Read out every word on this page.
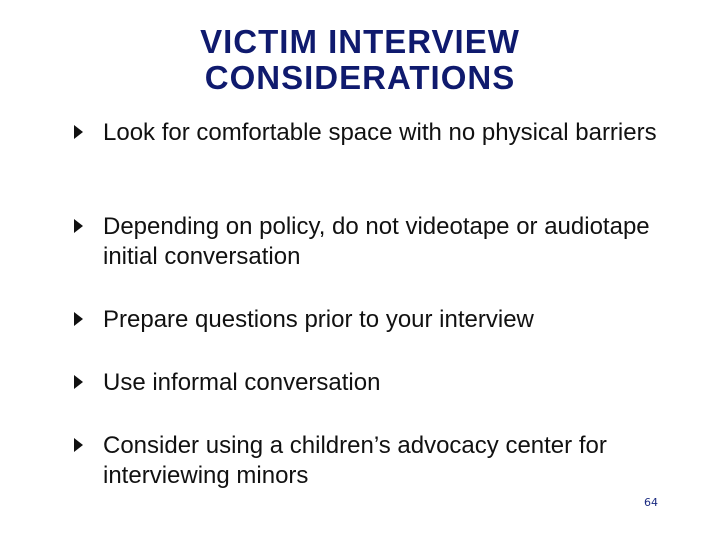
VICTIM INTERVIEW
CONSIDERATIONS
Look for comfortable space with no physical barriers
Depending on policy, do not videotape or audiotape initial conversation
Prepare questions prior to your interview
Use informal conversation
Consider using a children’s advocacy center for interviewing minors
64
